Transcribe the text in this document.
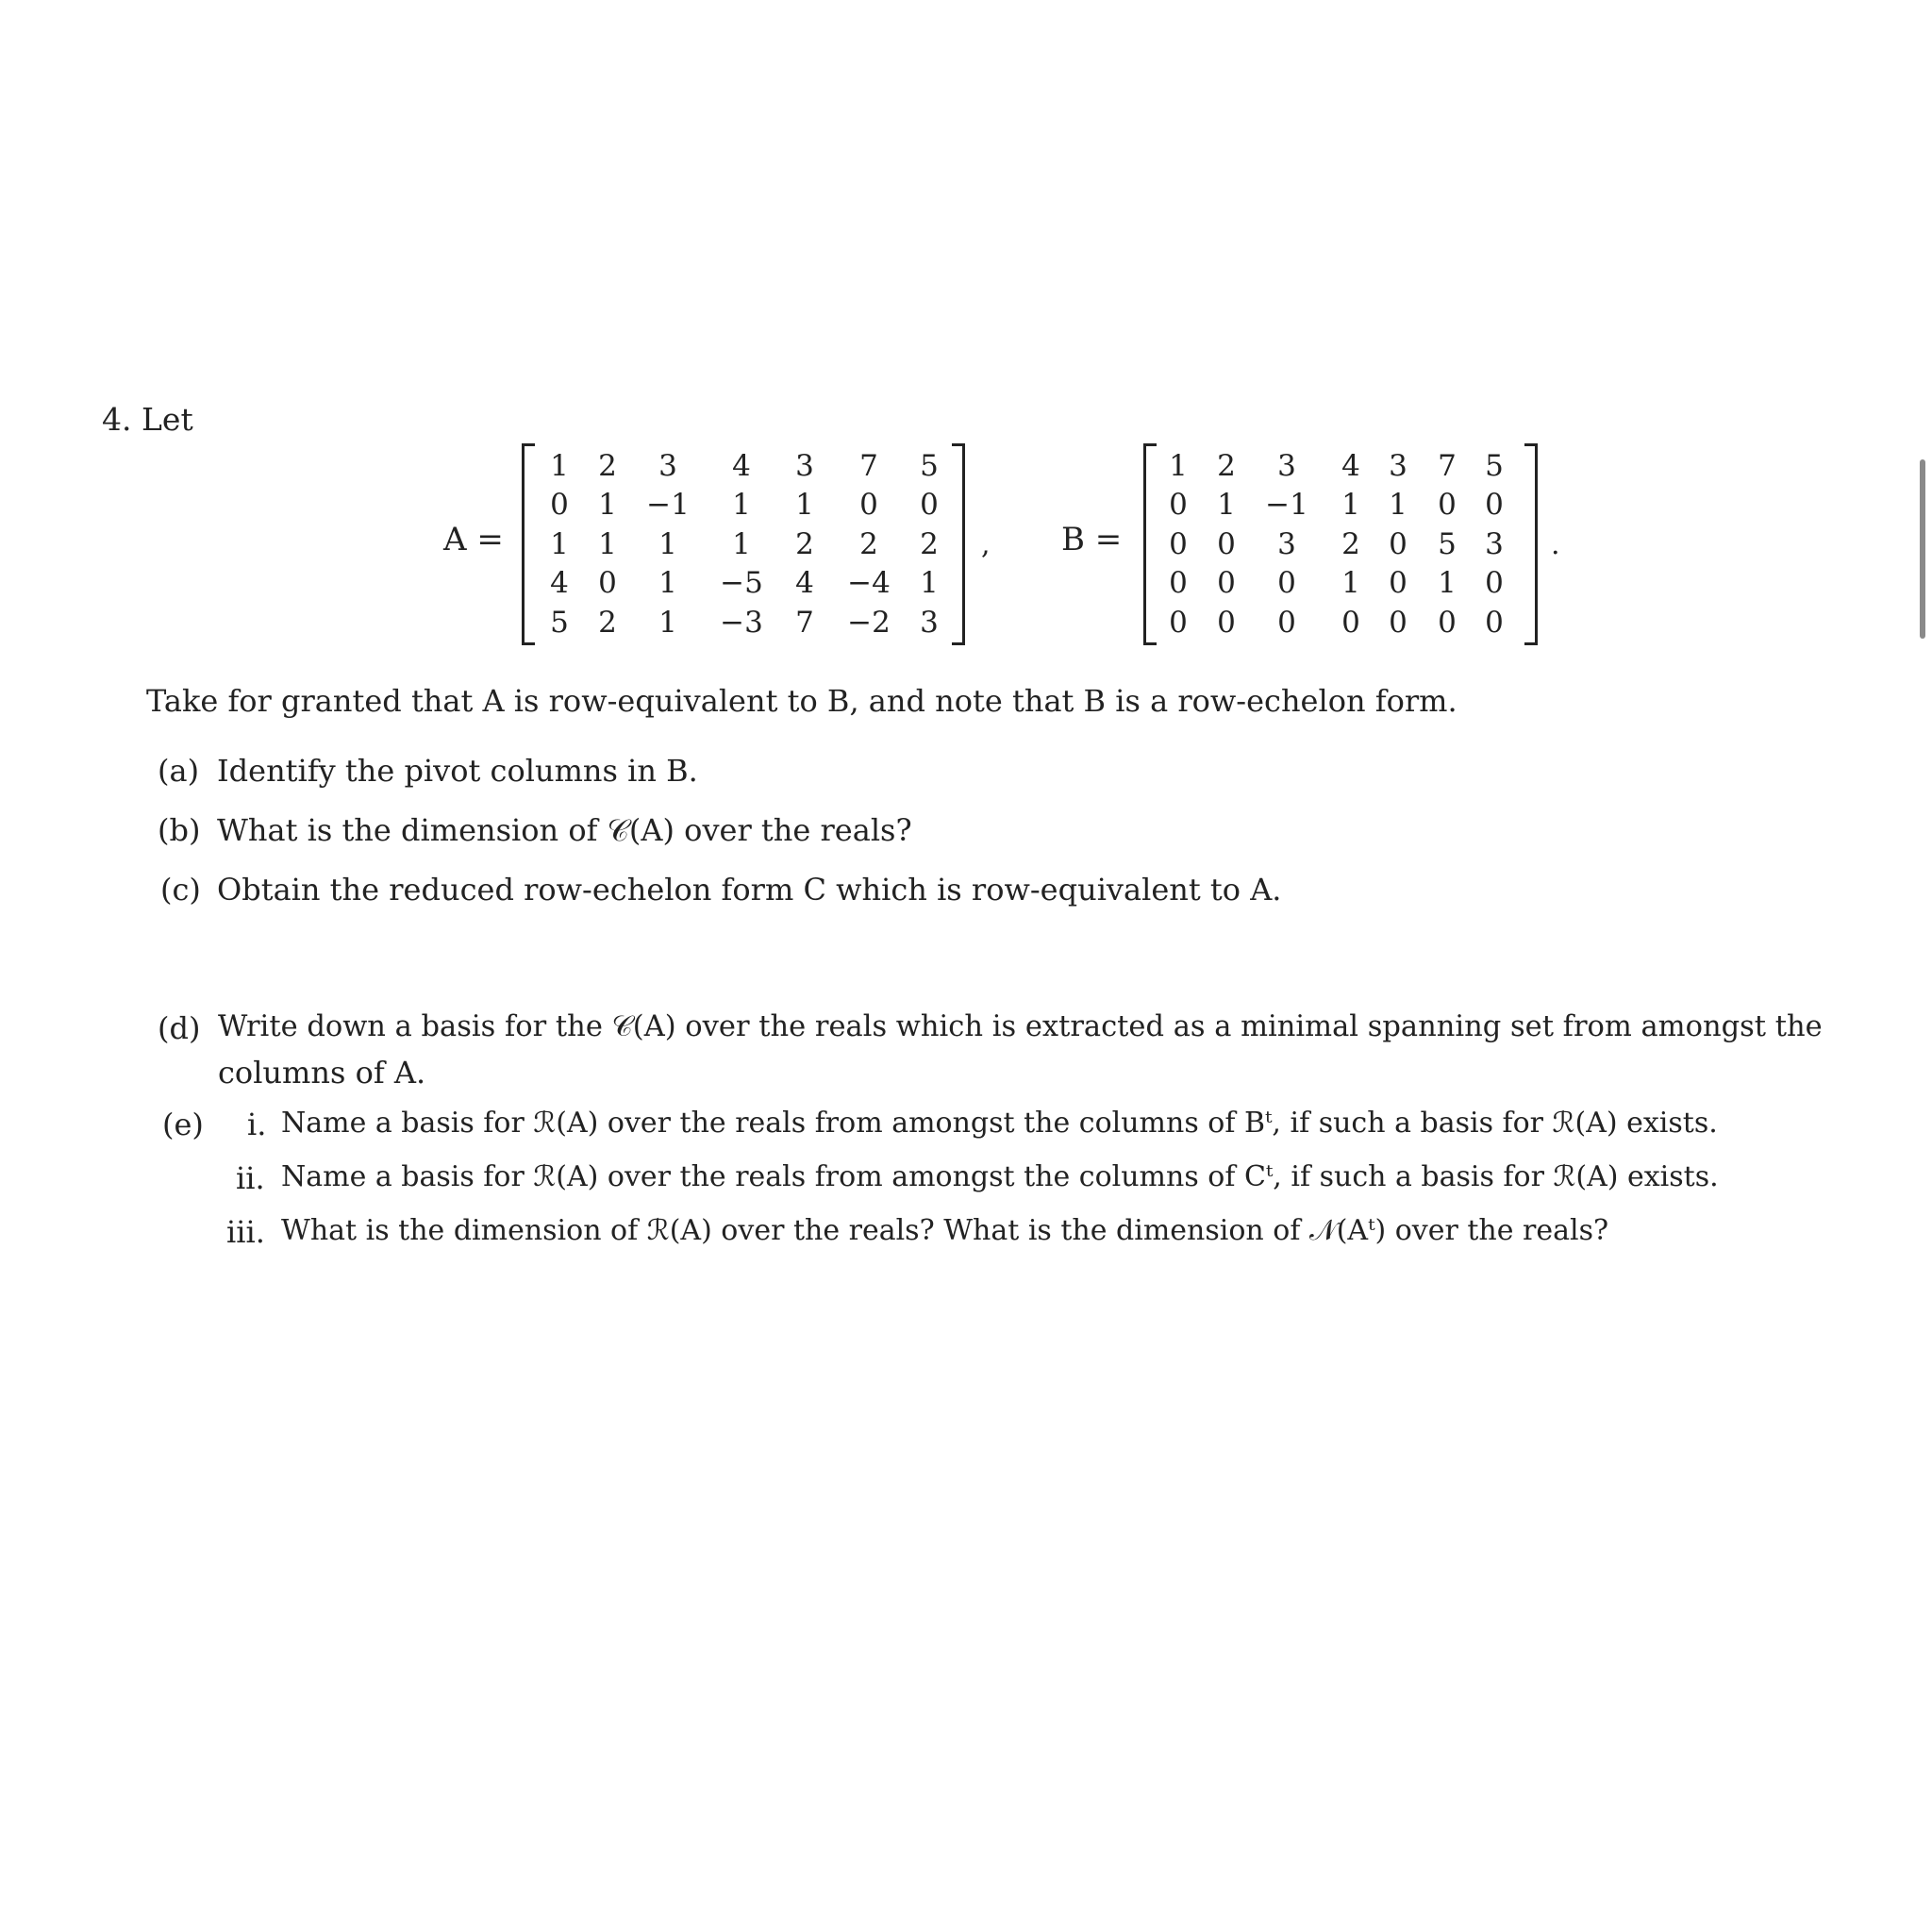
4. Let
A =
1 2 3 4 3 7 5
0 1 −1 1 1 0 0
1 1 1 1 2 2 2
4 0 1 −5 4 −4 1
5 2 1 −3 7 −2 3
, B =
1 2 3 4 3 7 5
0 1 −1 1 1 0 0
0 0 3 2 0 5 3
0 0 0 1 0 1 0
0 0 0 0 0 0 0
.
Take for granted that A is row-equivalent to B, and note that B is a row-echelon form.
(a) Identify the pivot columns in B.
(b) What is the dimension of 𝒞(A) over the reals?
(c) Obtain the reduced row-echelon form C which is row-equivalent to A.
(d) Write down a basis for the 𝒞(A) over the reals which is extracted as a minimal spanning set from amongst the
columns of A.
(e) i. Name a basis for ℛ(A) over the reals from amongst the columns of Bᵗ, if such a basis for ℛ(A) exists.
ii. Name a basis for ℛ(A) over the reals from amongst the columns of Cᵗ, if such a basis for ℛ(A) exists.
iii. What is the dimension of ℛ(A) over the reals? What is the dimension of 𝒩(Aᵗ) over the reals?
